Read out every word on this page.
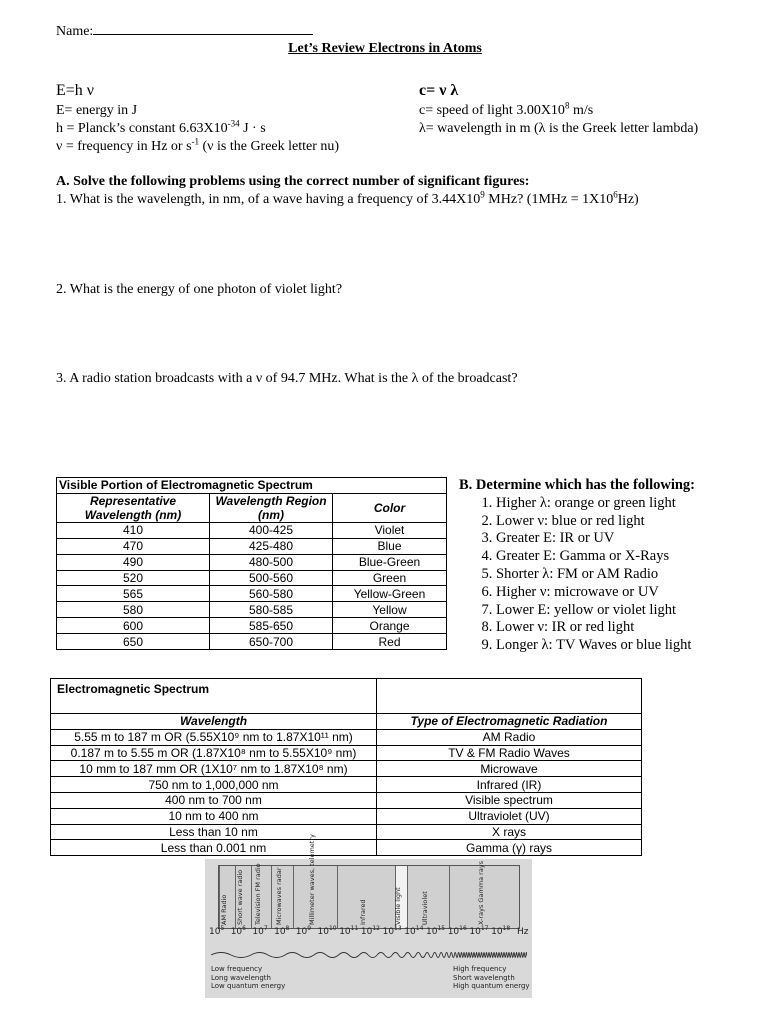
Name:
Let’s Review Electrons in Atoms
E=h ν
E= energy in J
h = Planck’s constant $6.63X10^{-34}$ J · s
ν = frequency in Hz or $s^{-1}$ (ν is the Greek letter nu)
c= ν λ
c= speed of light $3.00X10^8$ m/s
λ= wavelength in m (λ is the Greek letter lambda)
A. Solve the following problems using the correct number of significant figures:
1. What is the wavelength, in nm, of a wave having a frequency of $3.44X10^9$ MHz? $(1MHz = 1X10^6Hz)$
2. What is the energy of one photon of violet light?
3. A radio station broadcasts with a ν of 94.7 MHz. What is the λ of the broadcast?
Visible Portion of Electromagnetic Spectrum		
Representative Wavelength (nm)	Wavelength Region (nm)	Color
410	400-425	Violet
470	425-480	Blue
490	480-500	Blue-Green
520	500-560	Green
565	560-580	Yellow-Green
580	580-585	Yellow
600	585-650	Orange
650	650-700	Red
B. Determine which has the following:
1. Higher λ: orange or green light
2. Lower ν: blue or red light
3. Greater E: IR or UV
4. Greater E: Gamma or X-Rays
5. Shorter λ: FM or AM Radio
6. Higher ν: microwave or UV
7. Lower E: yellow or violet light
8. Lower ν: IR or red light
9. Longer λ: TV Waves or blue light
Electromagnetic Spectrum	
Wavelength	Type of Electromagnetic Radiation
5.55 m to 187 m OR (5.55X10⁹ nm to 1.87X10¹¹ nm)	AM Radio
0.187 m to 5.55 m OR (1.87X10⁸ nm to 5.55X10⁹ nm)	TV & FM Radio Waves
10 mm to 187 mm OR (1X10⁷ nm to 1.87X10⁸ nm)	Microwave
750 nm to 1,000,000 nm	Infrared (IR)
400 nm to 700 nm	Visible spectrum
10 nm to 400 nm	Ultraviolet (UV)
Less than 10 nm	X rays
Less than 0.001 nm	Gamma (γ) rays
AM Radio Short wave radio Television FM radio Microwaves radar	Millimeter waves, telemetry	Infrared	Visible light	Ultraviolet	X-rays Gamma rays
$10^5$ $10^6$ $10^7$ $10^8$ $10^9$ $10^{10}$ $10^{11}$ $10^{12}$ $10^{13}$ $10^{14}$ $10^{15}$ $10^{16}$ $10^{17}$ $10^{18}$ Hz
Low frequency
Long wavelength
Low quantum energy
High frequency
Short wavelength
High quantum energy
